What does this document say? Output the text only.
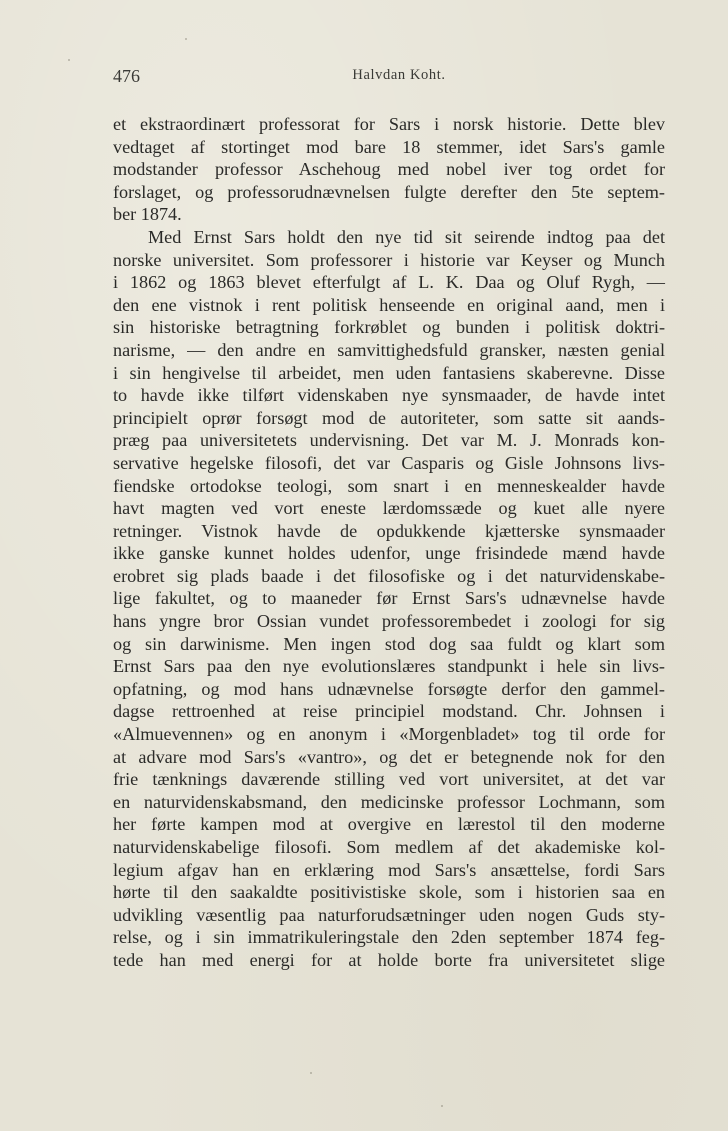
476	Halvdan Koht.
et ekstraordinært professorat for Sars i norsk historie. Dette blev
vedtaget af stortinget mod bare 18 stemmer, idet Sars's gamle
modstander professor Aschehoug med nobel iver tog ordet for
forslaget, og professorudnævnelsen fulgte derefter den 5te septem-
ber 1874.
Med Ernst Sars holdt den nye tid sit seirende indtog paa det
norske universitet. Som professorer i historie var Keyser og Munch
i 1862 og 1863 blevet efterfulgt af L. K. Daa og Oluf Rygh, —
den ene vistnok i rent politisk henseende en original aand, men i
sin historiske betragtning forkrøblet og bunden i politisk doktri-
narisme, — den andre en samvittighedsfuld gransker, næsten genial
i sin hengivelse til arbeidet, men uden fantasiens skaberevne. Disse
to havde ikke tilført videnskaben nye synsmaader, de havde intet
principielt oprør forsøgt mod de autoriteter, som satte sit aands-
præg paa universitetets undervisning. Det var M. J. Monrads kon-
servative hegelske filosofi, det var Casparis og Gisle Johnsons livs-
fiendske ortodokse teologi, som snart i en menneskealder havde
havt magten ved vort eneste lærdomssæde og kuet alle nyere
retninger. Vistnok havde de opdukkende kjætterske synsmaader
ikke ganske kunnet holdes udenfor, unge frisindede mænd havde
erobret sig plads baade i det filosofiske og i det naturvidenskabe-
lige fakultet, og to maaneder før Ernst Sars's udnævnelse havde
hans yngre bror Ossian vundet professorembedet i zoologi for sig
og sin darwinisme. Men ingen stod dog saa fuldt og klart som
Ernst Sars paa den nye evolutionslæres standpunkt i hele sin livs-
opfatning, og mod hans udnævnelse forsøgte derfor den gammel-
dagse rettroenhed at reise principiel modstand. Chr. Johnsen i
«Almuevennen» og en anonym i «Morgenbladet» tog til orde for
at advare mod Sars's «vantro», og det er betegnende nok for den
frie tænknings daværende stilling ved vort universitet, at det var
en naturvidenskabsmand, den medicinske professor Lochmann, som
her førte kampen mod at overgive en lærestol til den moderne
naturvidenskabelige filosofi. Som medlem af det akademiske kol-
legium afgav han en erklæring mod Sars's ansættelse, fordi Sars
hørte til den saakaldte positivistiske skole, som i historien saa en
udvikling væsentlig paa naturforudsætninger uden nogen Guds sty-
relse, og i sin immatrikuleringstale den 2den september 1874 feg-
tede han med energi for at holde borte fra universitetet slige
